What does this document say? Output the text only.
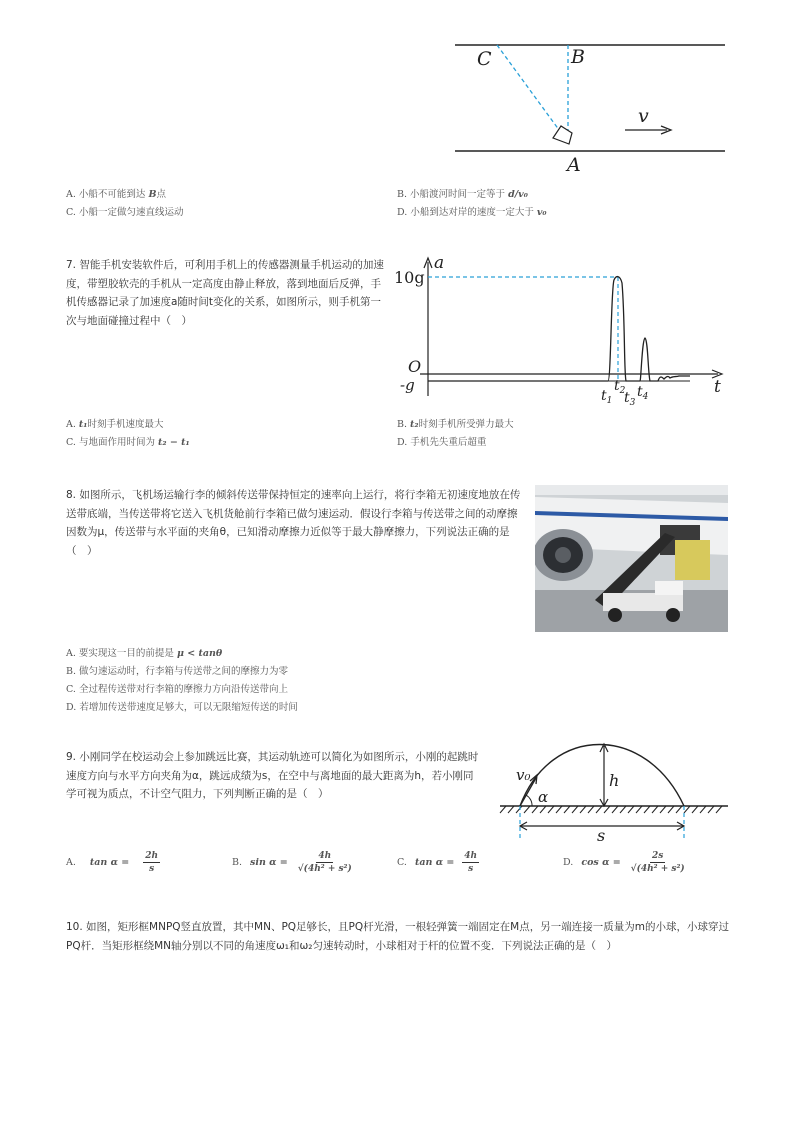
C	B
A
v
A. 小船不可能到达 B点	B. 小船渡河时间一定等于 d/v₀
C. 小船一定做匀速直线运动	D. 小船到达对岸的速度一定大于 v₀
7. 智能手机安装软件后，可利用手机上的传感器测量手机运动的加速度，带塑胶软壳的手机从一定高度由静止释放，落到地面后反弹，手机传感器记录了加速度a随时间t变化的关系，如图所示，则手机第一次与地面碰撞过程中（　）
a
t
10g
O
-g
$t_1$
$t_2$
$t_3$
$t_4$
A. t₁时刻手机速度最大	B. t₂时刻手机所受弹力最大
C. 与地面作用时间为 t₂ − t₁	D. 手机先失重后超重
8. 如图所示，飞机场运输行李的倾斜传送带保持恒定的速率向上运行，将行李箱无初速度地放在传送带底端，当传送带将它送入飞机货舱前行李箱已做匀速运动．假设行李箱与传送带之间的动摩擦因数为μ，传送带与水平面的夹角θ，已知滑动摩擦力近似等于最大静摩擦力，下列说法正确的是（　）
A. 要实现这一目的前提是 μ < tanθ
B. 做匀速运动时，行李箱与传送带之间的摩擦力为零
C. 全过程传送带对行李箱的摩擦力方向沿传送带向上
D. 若增加传送带速度足够大，可以无限缩短传送的时间
9. 小刚同学在校运动会上参加跳远比赛，其运动轨迹可以简化为如图所示，小刚的起跳时速度方向与水平方向夹角为α，跳远成绩为s，在空中与离地面的最大距离为h，若小刚同学可视为质点，不计空气阻力，下列判断正确的是（　）
v₀
α
h
s
A. $\tan \alpha = \frac{2h}{s}$	B. $\sin \alpha = \frac{4h}{\text{√(4h² + s²)}}$	C. $\tan \alpha = \frac{4h}{s}$	D. $\cos \alpha = \frac{2s}{\text{√(4h² + s²)}}$
10. 如图，矩形框MNPQ竖直放置，其中MN、PQ足够长，且PQ杆光滑，一根轻弹簧一端固定在M点，另一端连接一质量为m的小球，小球穿过PQ杆．当矩形框绕MN轴分别以不同的角速度ω₁和ω₂匀速转动时，小球相对于杆的位置不变．下列说法正确的是（　）
